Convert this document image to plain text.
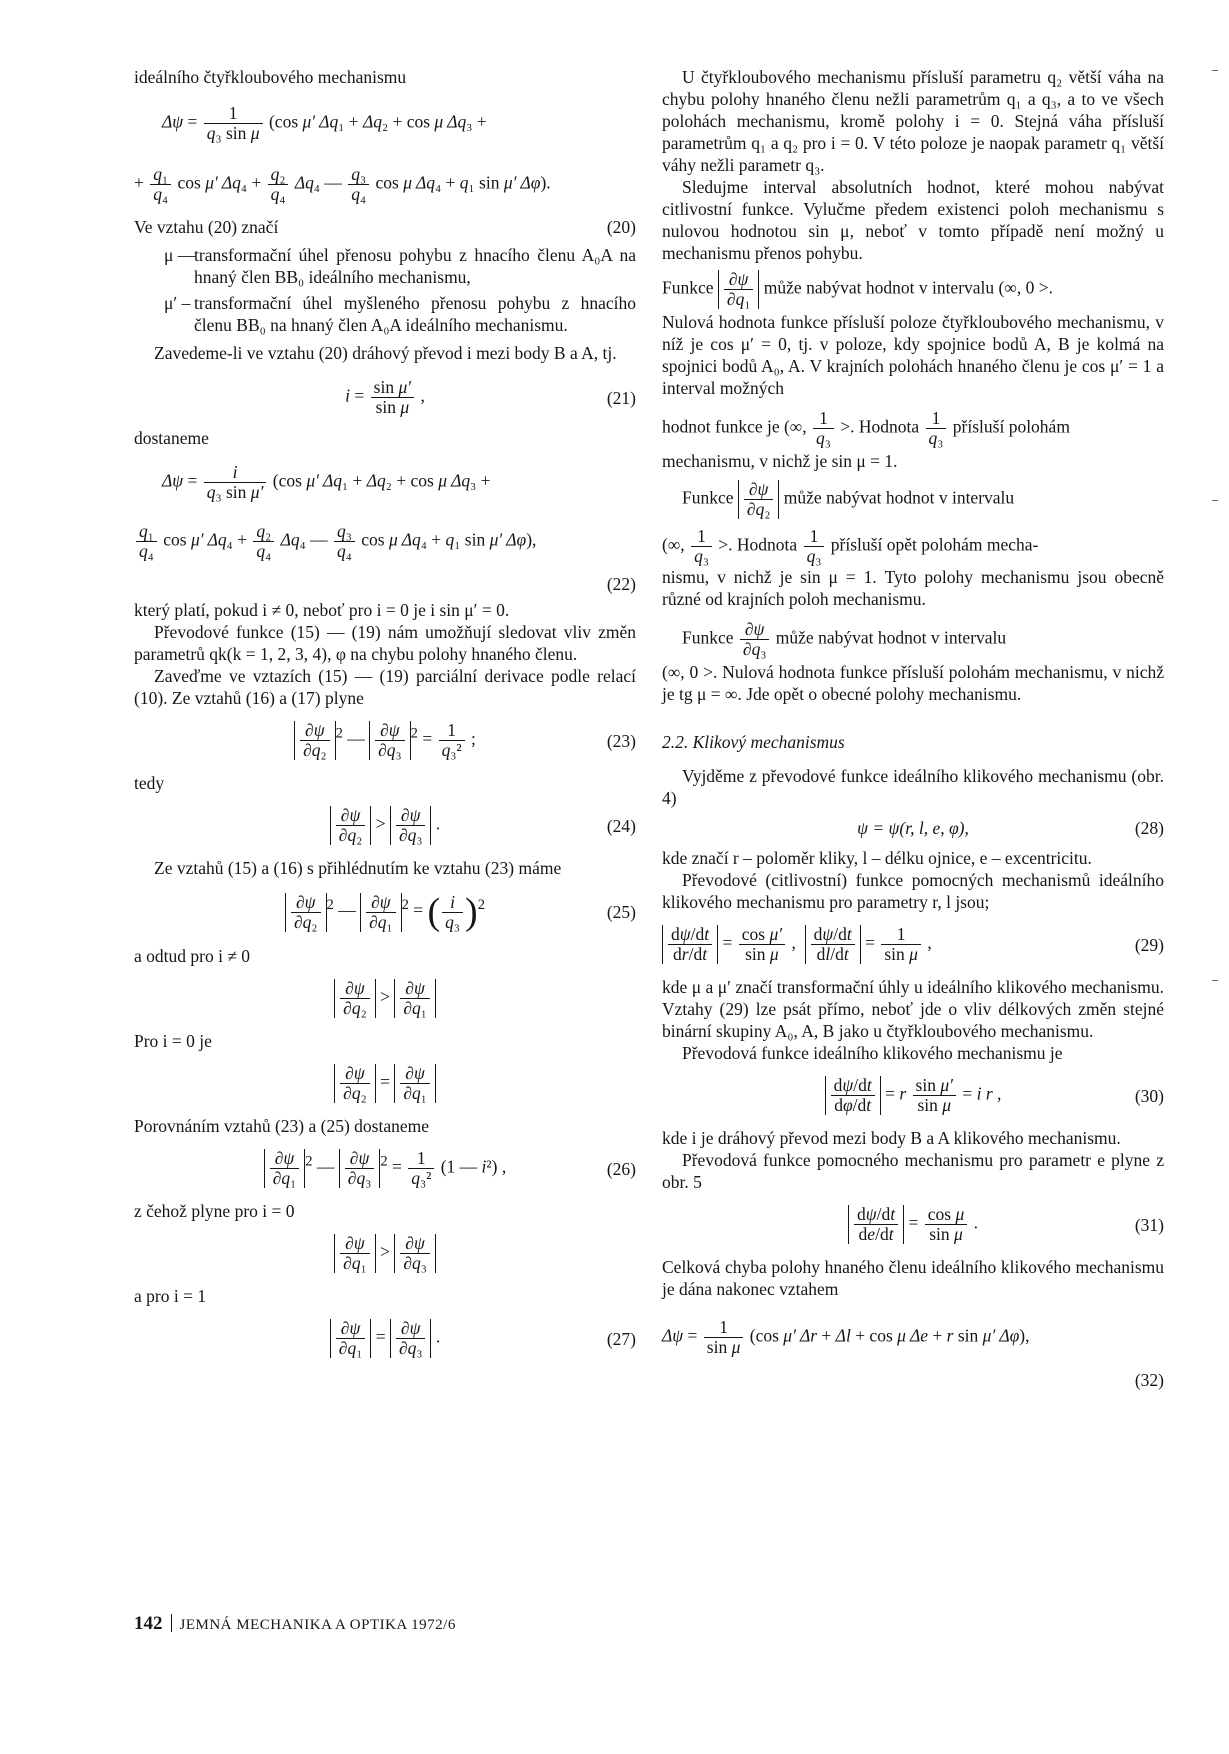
ideálního čtyřkloubového mechanismu

$\Delta\psi = \frac{1}{\text{q₃ sin μ}} (\cos$ μ′ Δq₁ + Δq₂ + cos μ Δq₃ +
+ $\frac{\text{q₁}}{\text{q₄}}$ cos μ′ $\Delta q_4 + \frac{\text{q₂}}{\text{q₄}} \Delta q_4$ — $\frac{\text{q₃}}{\text{q₄}}$ cos μ Δq₄ + q₁ sin μ′ Δφ).
Ve vztahu (20) značí	(20)
μ —
transformační úhel přenosu pohybu z hnacího členu A₀A na hnaný člen BB₀ ideálního mechanismu,
μ′ – transformační úhel myšleného přenosu pohybu z hnacího členu BB₀ na hnaný člen A₀A ideálního mechanismu.

Zavedeme-li ve vztahu (20) dráhový převod i mezi body B a A, tj.

$i = \frac{\text{sin μ′}}{\text{sin μ}}$ ,	(21)

dostaneme

$\Delta\psi = \frac{i}{\text{q₃ sin μ′}} (\cos$ μ′ Δq₁ + Δq₂ + cos μ Δq₃ +
$\frac{\text{q₁}}{\text{q₄}}$ cos μ′ $\Delta q_4 + \frac{\text{q₂}}{\text{q₄}} \Delta q_4$ — $\frac{\text{q₃}}{\text{q₄}}$ cos μ Δq₄ + q₁ sin μ′ Δφ),
(22)

který platí, pokud i ≠ 0, neboť pro i = 0 je i sin μ′ = 0.

Převodové funkce (15) — (19) nám umožňují sledovat vliv změn parametrů qk(k = 1, 2, 3, 4), φ na chybu polohy hnaného členu.

Zaveďme ve vztazích (15) — (19) parciální derivace podle relací (10). Ze vztahů (16) a (17) plyne

$\frac{\partial\psi}{\text{∂q₂}} ^2$ — $\frac{\partial\psi}{\text{∂q₃}} ^2 = \frac{1}{\text{q₃²}}$ ;	(23)

tedy

$\frac{\partial\psi}{\text{∂q₂}} > \frac{\partial\psi}{\text{∂q₃}}$ .	(24)

Ze vztahů (15) a (16) s přihlédnutím ke vztahu (23) máme

$\frac{\partial\psi}{\text{∂q₂}} ^2$ — $\frac{\partial\psi}{\text{∂q₁}} ^2$ = ( $\frac{i}{\text{q₃}} )^2$	(25)

a odtud pro i ≠ 0

$\frac{\partial\psi}{\text{∂q₂}} > \frac{\partial\psi}{\text{∂q₁}}$

Pro i = 0 je

$\frac{\partial\psi}{\text{∂q₂}} = \frac{\partial\psi}{\text{∂q₁}}$

Porovnáním vztahů (23) a (25) dostaneme

$\frac{\partial\psi}{\text{∂q₁}} ^2$ — $\frac{\partial\psi}{\text{∂q₃}} ^2 = \frac{1}{\text{q₃²}} (1$ — i²) ,	(26)

z čehož plyne pro i = 0

$\frac{\partial\psi}{\text{∂q₁}} > \frac{\partial\psi}{\text{∂q₃}}$

a pro i = 1

$\frac{\partial\psi}{\text{∂q₁}} = \frac{\partial\psi}{\text{∂q₃}}$ .	(27)

U čtyřkloubového mechanismu přísluší parametru q₂ větší váha na chybu polohy hnaného členu nežli parametrům q₁ a q₃, a to ve všech polohách mechanismu, kromě polohy i = 0. Stejná váha přísluší parametrům q₁ a q₂ pro i = 0. V této poloze je naopak parametr q₁ větší váhy nežli parametr q₃.

Sledujme interval absolutních hodnot, které mohou nabývat citlivostní funkce. Vylučme předem existenci poloh mechanismu s nulovou hodnotou sin μ, neboť v tomto případě není možný u mechanismu přenos pohybu.

Funkce $\frac{\partial\psi}{\text{∂q₁}}$ může nabývat hodnot v intervalu (∞, 0 >.

Nulová hodnota funkce přísluší poloze čtyřkloubového mechanismu, v níž je cos μ′ = 0, tj. v poloze, kdy spojnice bodů A, B je kolmá na spojnici bodů A₀, A. V krajních polohách hnaného členu je cos μ′ = 1 a interval možných

hodnot funkce je (∞, $\frac{1}{\text{q₃}}$ >. Hodnota $\frac{1}{\text{q₃}}$ přísluší polohám

mechanismu, v nichž je sin μ = 1.

Funkce $\frac{\partial\psi}{\text{∂q₂}}$ může nabývat hodnot v intervalu
(∞, $\frac{1}{\text{q₃}}$ >. Hodnota $\frac{1}{\text{q₃}}$ přísluší opět polohám mecha-

nismu, v nichž je sin μ = 1. Tyto polohy mechanismu jsou obecně různé od krajních poloh mechanismu.

Funkce $\frac{\partial\psi}{\text{∂q₃}}$ může nabývat hodnot v intervalu

(∞, 0 >. Nulová hodnota funkce přísluší polohám mechanismu, v nichž je tg μ = ∞. Jde opět o obecné polohy mechanismu.

2.2. Klikový mechanismus

Vyjděme z převodové funkce ideálního klikového mechanismu (obr. 4)

ψ = ψ(r, l, e, φ),	(28)

kde značí r – poloměr kliky, l – délku ojnice, e – excentricitu.

Převodové (citlivostní) funkce pomocných mechanismů ideálního klikového mechanismu pro parametry r, l jsou;

$\frac{d\psi/dt}{dr/dt} = \frac{\text{cos μ′}}{\text{sin μ}}$ , $\frac{d\psi/dt}{dl/dt} = \frac{1}{\text{sin μ}}$ ,	(29)

kde μ a μ′ značí transformační úhly u ideálního klikového mechanismu. Vztahy (29) lze psát přímo, neboť jde o vliv délkových změn stejné binární skupiny A₀, A, B jako u čtyřkloubového mechanismu.

Převodová funkce ideálního klikového mechanismu je

$\frac{d\psi/dt}{d\varphi/dt} = r \frac{\text{sin μ′}}{\text{sin μ}} = i$ r ,	(30)

kde i je dráhový převod mezi body B a A klikového mechanismu.

Převodová funkce pomocného mechanismu pro parametr e plyne z obr. 5

$\frac{d\psi/dt}{de/dt} = \frac{\text{cos μ}}{\text{sin μ}}$ .	(31)

Celková chyba polohy hnaného členu ideálního klikového mechanismu je dána nakonec vztahem

$\Delta\psi = \frac{1}{\text{sin μ}} (\cos$ μ′ Δr + Δl + cos μ Δe + r sin μ′ Δφ),
(32)
142 JEMNÁ MECHANIKA A OPTIKA 1972/6
